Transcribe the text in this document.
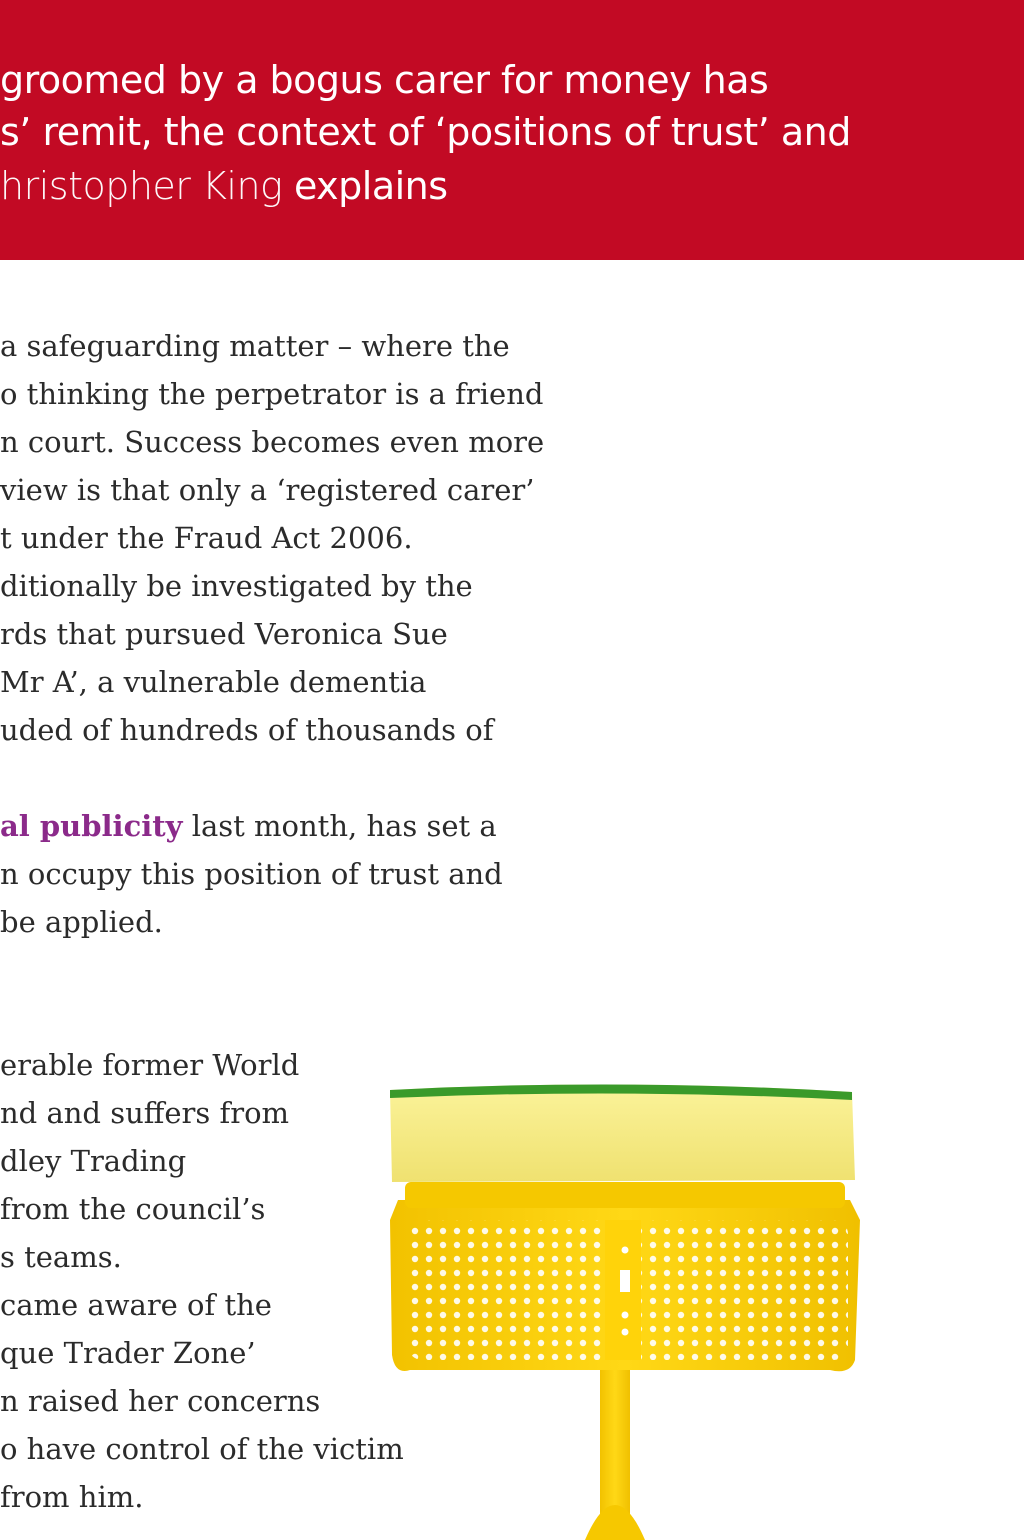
groomed by a bogus carer for money has
s’ remit, the context of ‘positions of trust’ and
hristopher King explains
a safeguarding matter – where the
o thinking the perpetrator is a friend
n court. Success becomes even more
view is that only a ‘registered carer’
t under the Fraud Act 2006.
ditionally be investigated by the
rds that pursued Veronica Sue
Mr A’, a vulnerable dementia
uded of hundreds of thousands of
al publicity last month, has set a
n occupy this position of trust and
be applied.
erable former World
nd and suffers from
dley Trading
from the council’s
s teams.
came aware of the
que Trader Zone’
n raised her concerns
o have control of the victim
from him.
